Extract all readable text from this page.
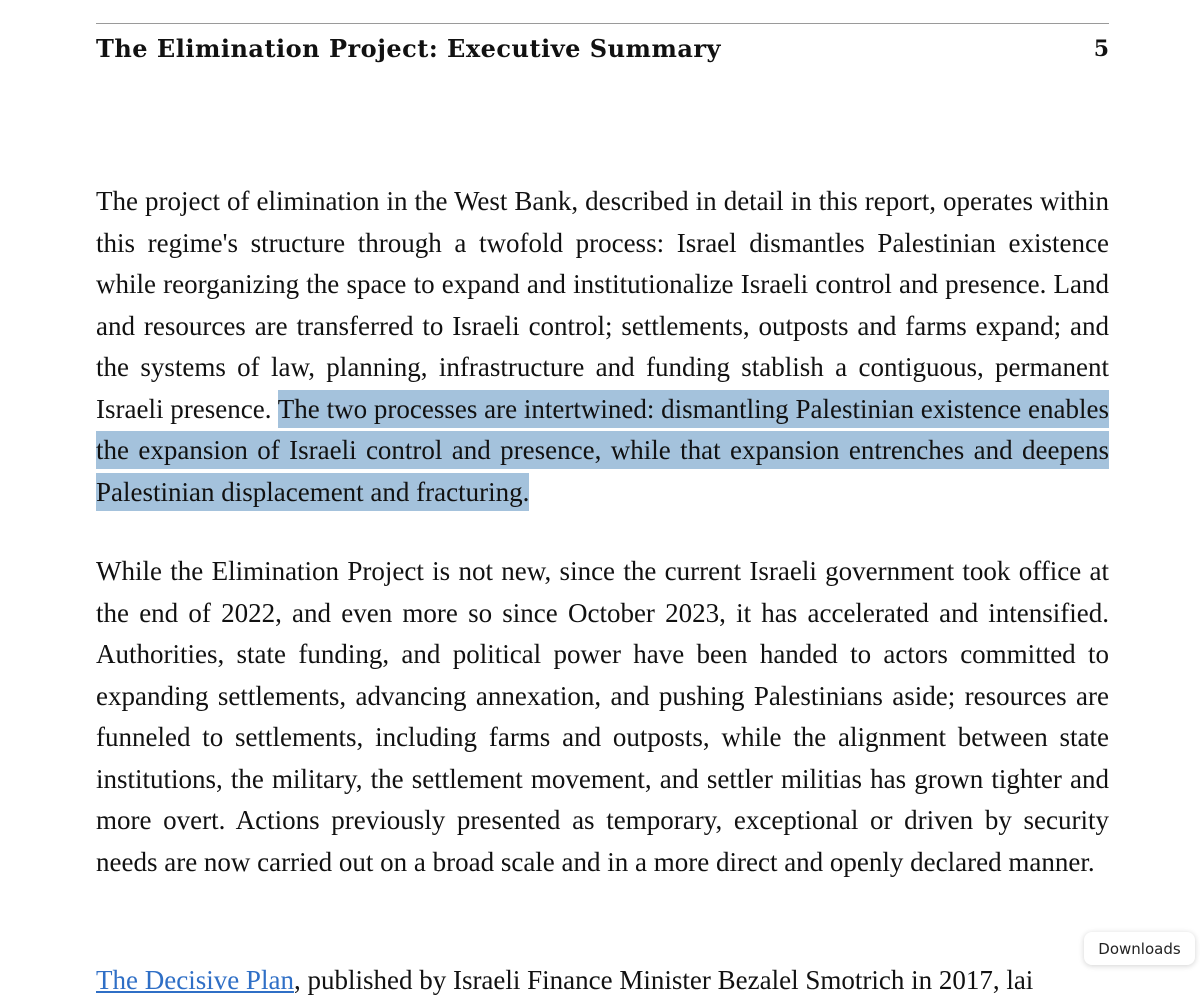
The Elimination Project: Executive Summary	5

The project of elimination in the West Bank, described in detail in this report, operates within this regime's structure through a twofold process: Israel dismantles Palestinian existence while reorganizing the space to expand and institutionalize Israeli control and presence. Land and resources are transferred to Israeli control; settlements, outposts and farms expand; and the systems of law, planning, infrastructure and funding stablish a contiguous, permanent Israeli presence. The two processes are intertwined: dismantling Palestinian existence enables the expansion of Israeli control and presence, while that expansion entrenches and deepens Palestinian displacement and fracturing.

While the Elimination Project is not new, since the current Israeli government took office at the end of 2022, and even more so since October 2023, it has accelerated and intensified. Authorities, state funding, and political power have been handed to actors committed to expanding settlements, advancing annexation, and pushing Palestinians aside; resources are funneled to settlements, including farms and outposts, while the alignment between state institutions, the military, the settlement movement, and settler militias has grown tighter and more overt. Actions previously presented as temporary, exceptional or driven by security needs are now carried out on a broad scale and in a more direct and openly declared manner.

The Decisive Plan, published by Israeli Finance Minister Bezalel Smotrich in 2017, lai
Downloads
